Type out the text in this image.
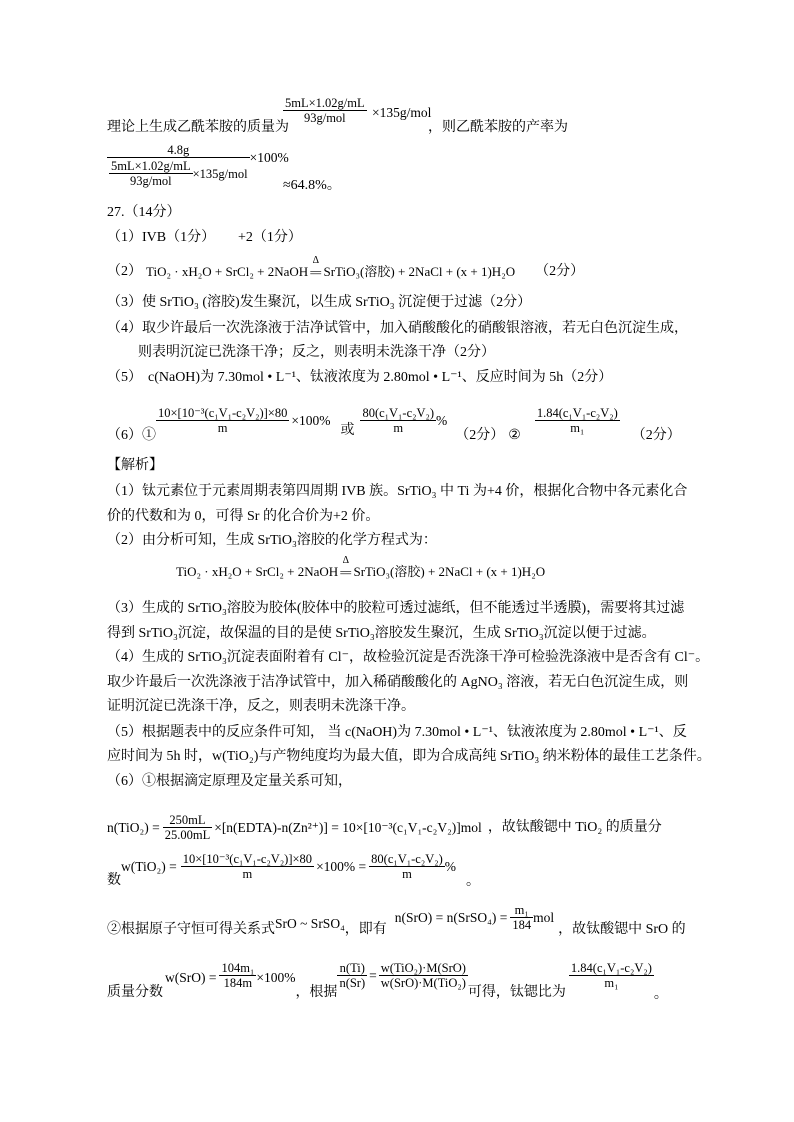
理论上生成乙酰苯胺的质量为
5mL×1.02g/mL
93g/mol	×135g/mol
，则乙酰苯胺的产率为
$\frac{4.8g}{\frac{5mL\times 1.02g/mL}{\text{93g/mol}} \times 135g/mol} \times 100\%$
≈64.8%。
27.（14分）
（1）IVB（1分） +2（1分）
（2） TiO₂ · xH₂O + SrCl₂ + 2NaOH
Δ
= SrTiO₃(溶胶) + 2NaCl + (x + 1)H₂O （2分）
（3）使 SrTiO₃ (溶胶)发生聚沉，以生成 SrTiO₃ 沉淀便于过滤（2分）
（4）取少许最后一次洗涤液于洁净试管中，加入硝酸酸化的硝酸银溶液，若无白色沉淀生成，
则表明沉淀已洗涤干净；反之，则表明未洗涤干净（2分）
（5） c(NaOH)为 7.30mol • L⁻¹、钛液浓度为 2.80mol • L⁻¹、反应时间为 5h（2分）
（6）① $\frac{\text{10×[10⁻³(c₁V₁-c₂V₂)]×80}}{m} \times 100\%$
或 $\frac{\text{80(c₁V₁-c₂V₂)}}{m}$ %
（2分） ② $\frac{\text{1.84(c₁V₁-c₂V₂)}}{\text{m₁}} (2$分）
【解析】
（1）钛元素位于元素周期表第四周期 IVB 族。SrTiO₃ 中 Ti 为+4 价，根据化合物中各元素化合
价的代数和为 0，可得 Sr 的化合价为+2 价。
（2）由分析可知，生成 SrTiO₃溶胶的化学方程式为：
TiO₂ · xH₂O + SrCl₂ + 2NaOH
Δ
= SrTiO₃(溶胶) + 2NaCl + (x + 1)H₂O
（3）生成的 SrTiO₃溶胶为胶体(胶体中的胶粒可透过滤纸，但不能透过半透膜)，需要将其过滤
得到 SrTiO₃沉淀，故保温的目的是使 SrTiO₃溶胶发生聚沉，生成 SrTiO₃沉淀以便于过滤。
（4）生成的 SrTiO₃沉淀表面附着有 Cl⁻，故检验沉淀是否洗涤干净可检验洗涤液中是否含有 Cl⁻。
取少许最后一次洗涤液于洁净试管中，加入稀硝酸酸化的 AgNO₃ 溶液，若无白色沉淀生成，则
证明沉淀已洗涤干净，反之，则表明未洗涤干净。
（5）根据题表中的反应条件可知， 当 c(NaOH)为 7.30mol • L⁻¹、钛液浓度为 2.80mol • L⁻¹、反
应时间为 5h 时，w(TiO₂)与产物纯度均为最大值，即为合成高纯 SrTiO₃ 纳米粉体的最佳工艺条件。
（6）①根据滴定原理及定量关系可知，
$n(TiO_2) = \frac{250mL}{25.00mL}$ ×[n(EDTA)-n(Zn²⁺)] = 10×[10⁻³(c₁V₁-c₂V₂)]mol ，故钛酸锶中 TiO₂ 的质量分
数
$w(TiO_2) = \frac{\text{10×[10⁻³(c₁V₁-c₂V₂)]×80}}{m} \times 100\% = \frac{\text{80(c₁V₁-c₂V₂)}}{m}$ %
。
②根据原子守恒可得关系式 SrO ~ SrSO₄ ，即有
n(SrO) = n(SrSO₄) = $\frac{\text{m₁}}{184}$ mol
，故钛酸锶中 SrO 的
质量分数
$w(SrO) = \frac{\text{104m₁}}{184m} \times 100\%$
，根据
$\frac{n(Ti)}{n(Sr)} = \frac{\text{w(TiO₂)·M(SrO)}}{\text{w(SrO)·M(TiO₂)}}$
可得，钛锶比为
$\frac{\text{1.84(c₁V₁-c₂V₂)}}{\text{m₁}}$
。
